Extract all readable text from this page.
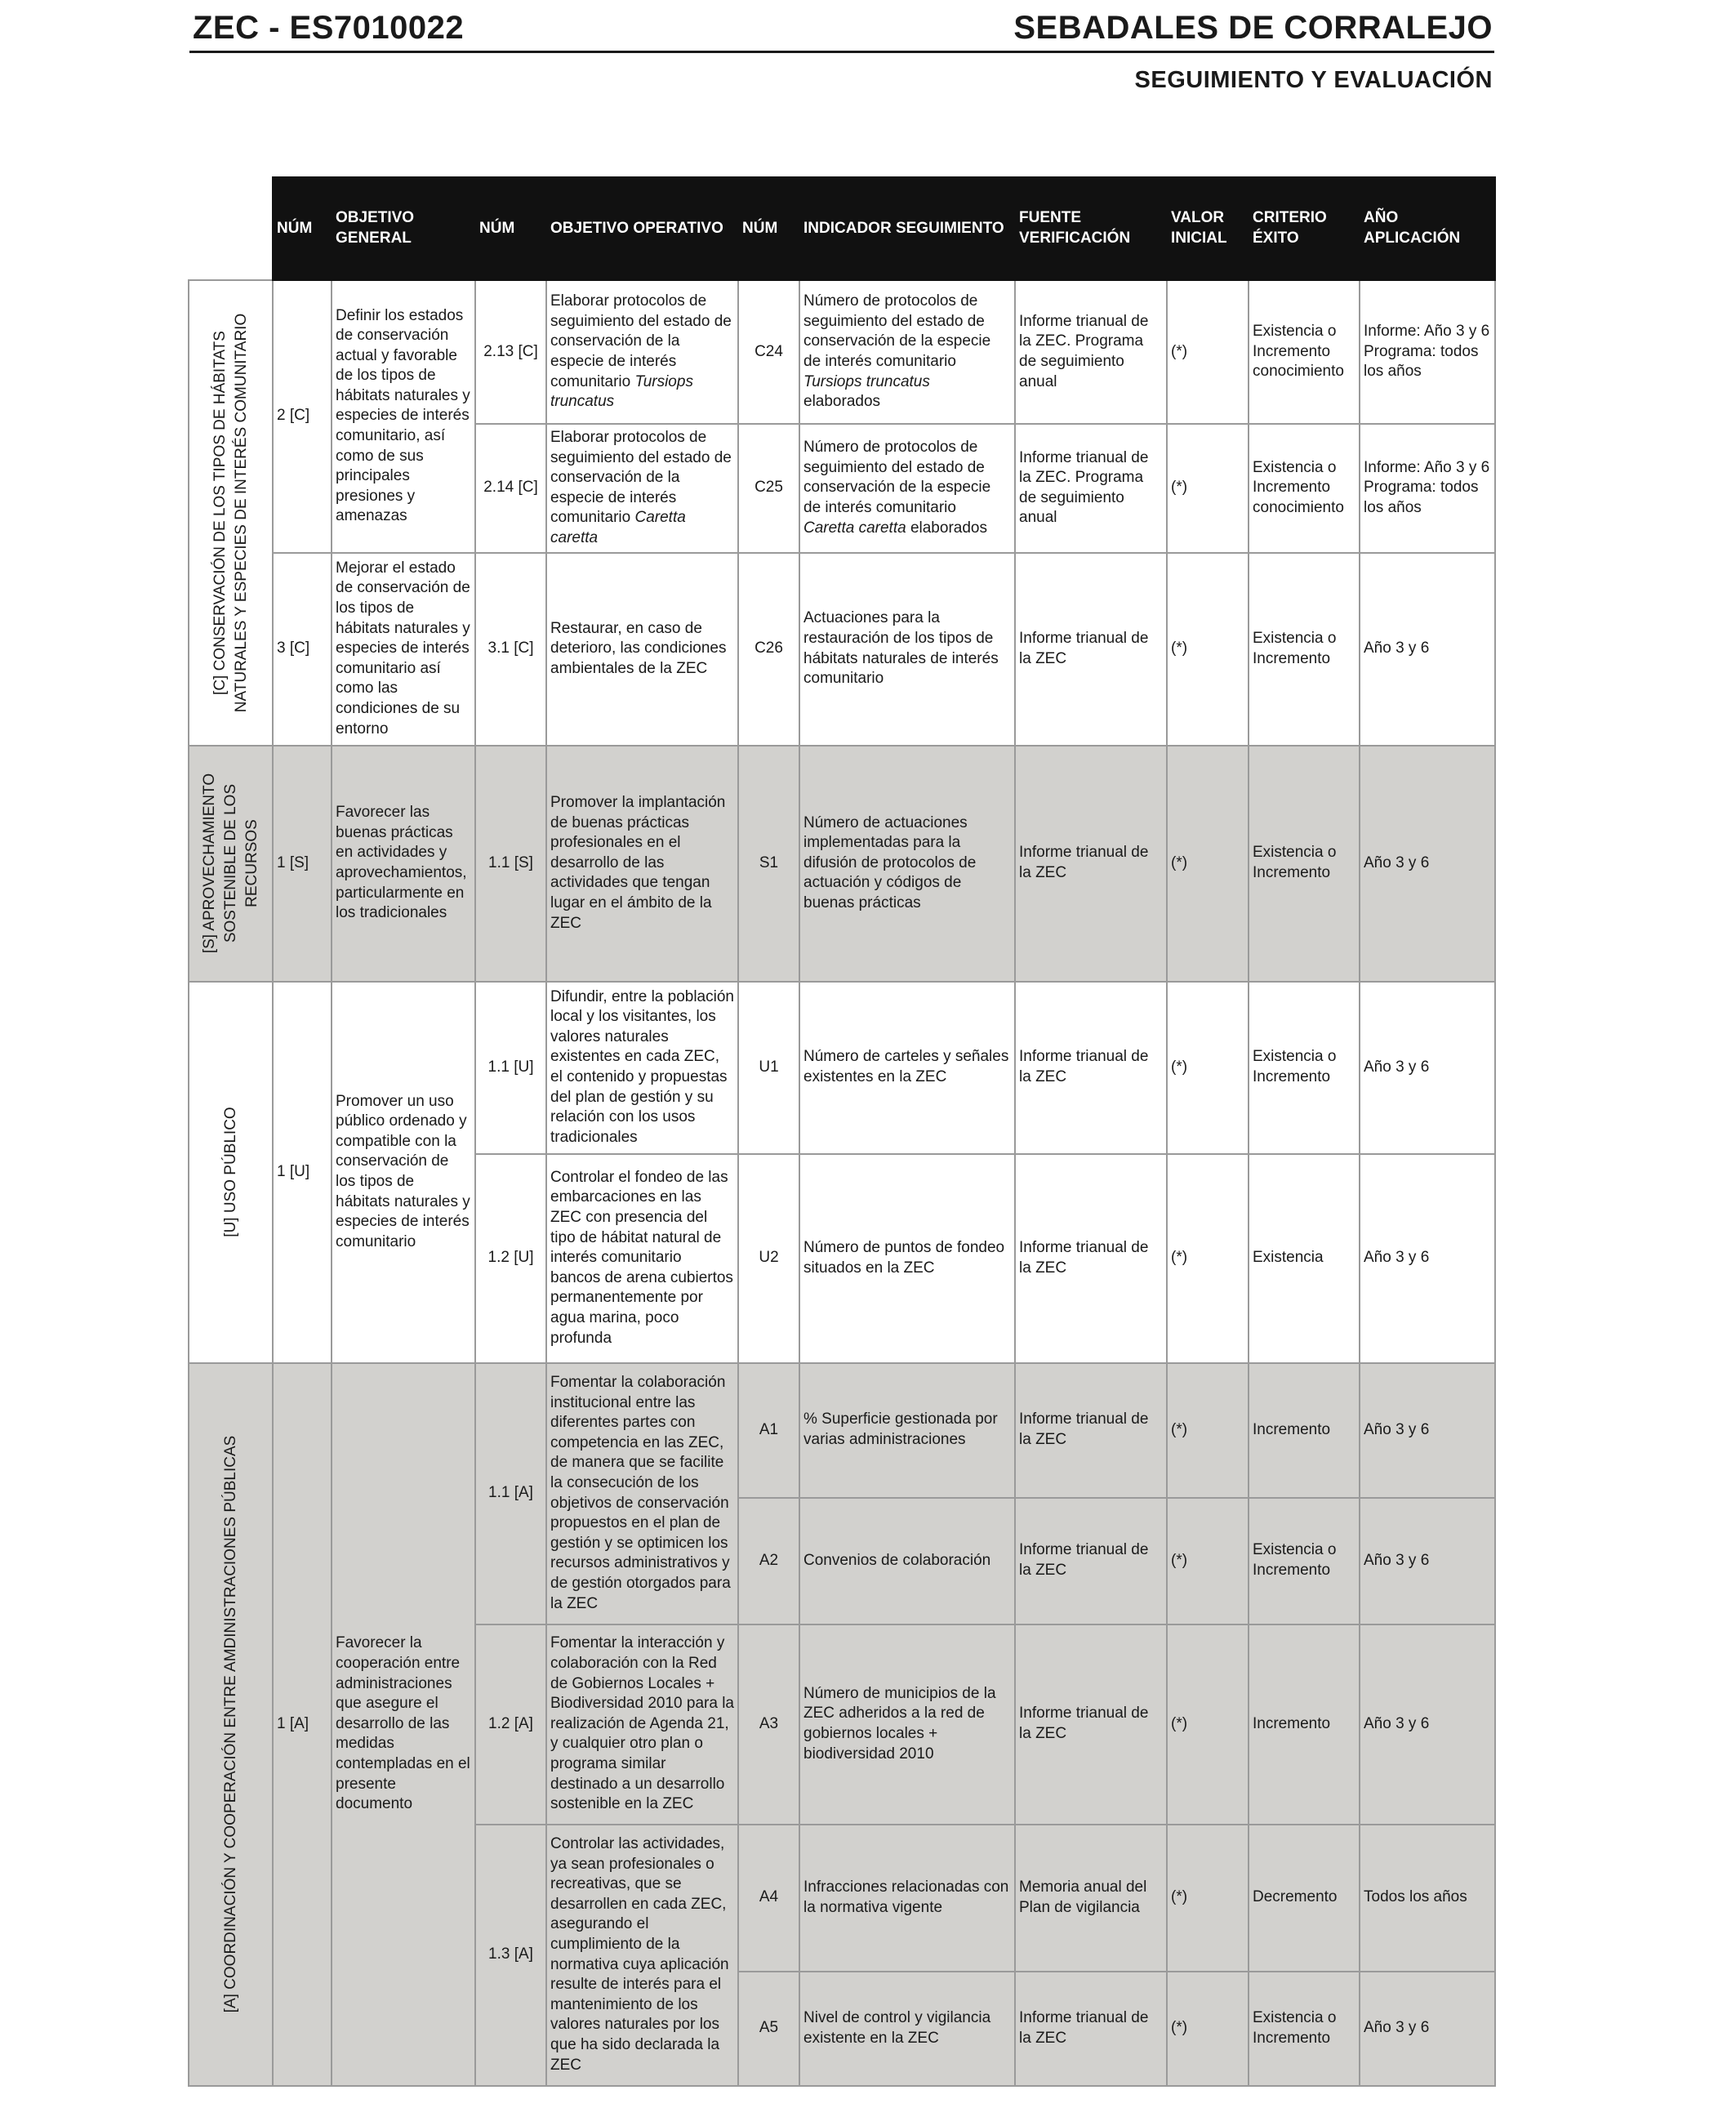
ZEC - ES7010022	SEBADALES DE CORRALEJO
SEGUIMIENTO Y EVALUACIÓN
	NÚM	OBJETIVO GENERAL	NÚM	OBJETIVO OPERATIVO	NÚM	INDICADOR SEGUIMIENTO	FUENTE VERIFICACIÓN	VALOR INICIAL	CRITERIO ÉXITO	AÑO APLICACIÓN

[C] CONSERVACIÓN DE LOS TIPOS DE HÁBITATS NATURALES Y ESPECIES DE INTERÉS COMUNITARIO	2 [C]	Definir los estados de conservación actual y favorable de los tipos de hábitats naturales y especies de interés comunitario, así como de sus principales presiones y amenazas	2.13 [C]	Elaborar protocolos de seguimiento del estado de conservación de la especie de interés comunitario Tursiops truncatus	C24	Número de protocolos de seguimiento del estado de conservación de la especie de interés comunitario Tursiops truncatus elaborados	Informe trianual de la ZEC. Programa de seguimiento anual	(*)	Existencia o Incremento conocimiento	Informe: Año 3 y 6 Programa: todos los años
			2.14 [C]	Elaborar protocolos de seguimiento del estado de conservación de la especie de interés comunitario Caretta caretta	C25	Número de protocolos de seguimiento del estado de conservación de la especie de interés comunitario Caretta caretta elaborados	Informe trianual de la ZEC. Programa de seguimiento anual	(*)	Existencia o Incremento conocimiento	Informe: Año 3 y 6 Programa: todos los años
	3 [C]	Mejorar el estado de conservación de los tipos de hábitats naturales y especies de interés comunitario así como las condiciones de su entorno	3.1 [C]	Restaurar, en caso de deterioro, las condiciones ambientales de la ZEC	C26	Actuaciones para la restauración de los tipos de hábitats naturales de interés comunitario	Informe trianual de la ZEC	(*)	Existencia o Incremento	Año 3 y 6

[S] APROVECHAMIENTO SOSTENIBLE DE LOS RECURSOS	1 [S]	Favorecer las buenas prácticas en actividades y aprovechamientos, particularmente en los tradicionales	1.1 [S]	Promover la implantación de buenas prácticas profesionales en el desarrollo de las actividades que tengan lugar en el ámbito de la ZEC	S1	Número de actuaciones implementadas para la difusión de protocolos de actuación y códigos de buenas prácticas	Informe trianual de la ZEC	(*)	Existencia o Incremento	Año 3 y 6

[U] USO PÚBLICO	1 [U]	Promover un uso público ordenado y compatible con la conservación de los tipos de hábitats naturales y especies de interés comunitario	1.1 [U]	Difundir, entre la población local y los visitantes, los valores naturales existentes en cada ZEC, el contenido y propuestas del plan de gestión y su relación con los usos tradicionales	U1	Número de carteles y señales existentes en la ZEC	Informe trianual de la ZEC	(*)	Existencia o Incremento	Año 3 y 6
			1.2 [U]	Controlar el fondeo de las embarcaciones en las ZEC con presencia del tipo de hábitat natural de interés comunitario bancos de arena cubiertos permanentemente por agua marina, poco profunda	U2	Número de puntos de fondeo situados en la ZEC	Informe trianual de la ZEC	(*)	Existencia	Año 3 y 6

[A] COORDINACIÓN Y COOPERACIÓN ENTRE AMDINISTRACIONES PÚBLICAS	1 [A]	Favorecer la cooperación entre administraciones que asegure el desarrollo de las medidas contempladas en el presente documento	1.1 [A]	Fomentar la colaboración institucional entre las diferentes partes con competencia en las ZEC, de manera que se facilite la consecución de los objetivos de conservación propuestos en el plan de gestión y se optimicen los recursos administrativos y de gestión otorgados para la ZEC	A1	% Superficie gestionada por varias administraciones	Informe trianual de la ZEC	(*)	Incremento	Año 3 y 6
					A2	Convenios de colaboración	Informe trianual de la ZEC	(*)	Existencia o Incremento	Año 3 y 6
			1.2 [A]	Fomentar la interacción y colaboración con la Red de Gobiernos Locales + Biodiversidad 2010 para la realización de Agenda 21, y cualquier otro plan o programa similar destinado a un desarrollo sostenible en la ZEC	A3	Número de municipios de la ZEC adheridos a la red de gobiernos locales + biodiversidad 2010	Informe trianual de la ZEC	(*)	Incremento	Año 3 y 6
			1.3 [A]	Controlar las actividades, ya sean profesionales o recreativas, que se desarrollen en cada ZEC, asegurando el cumplimiento de la normativa cuya aplicación resulte de interés para el mantenimiento de los valores naturales por los que ha sido declarada la ZEC	A4	Infracciones relacionadas con la normativa vigente	Memoria anual del Plan de vigilancia	(*)	Decremento	Todos los años
					A5	Nivel de control y vigilancia existente en la ZEC	Informe trianual de la ZEC	(*)	Existencia o Incremento	Año 3 y 6
